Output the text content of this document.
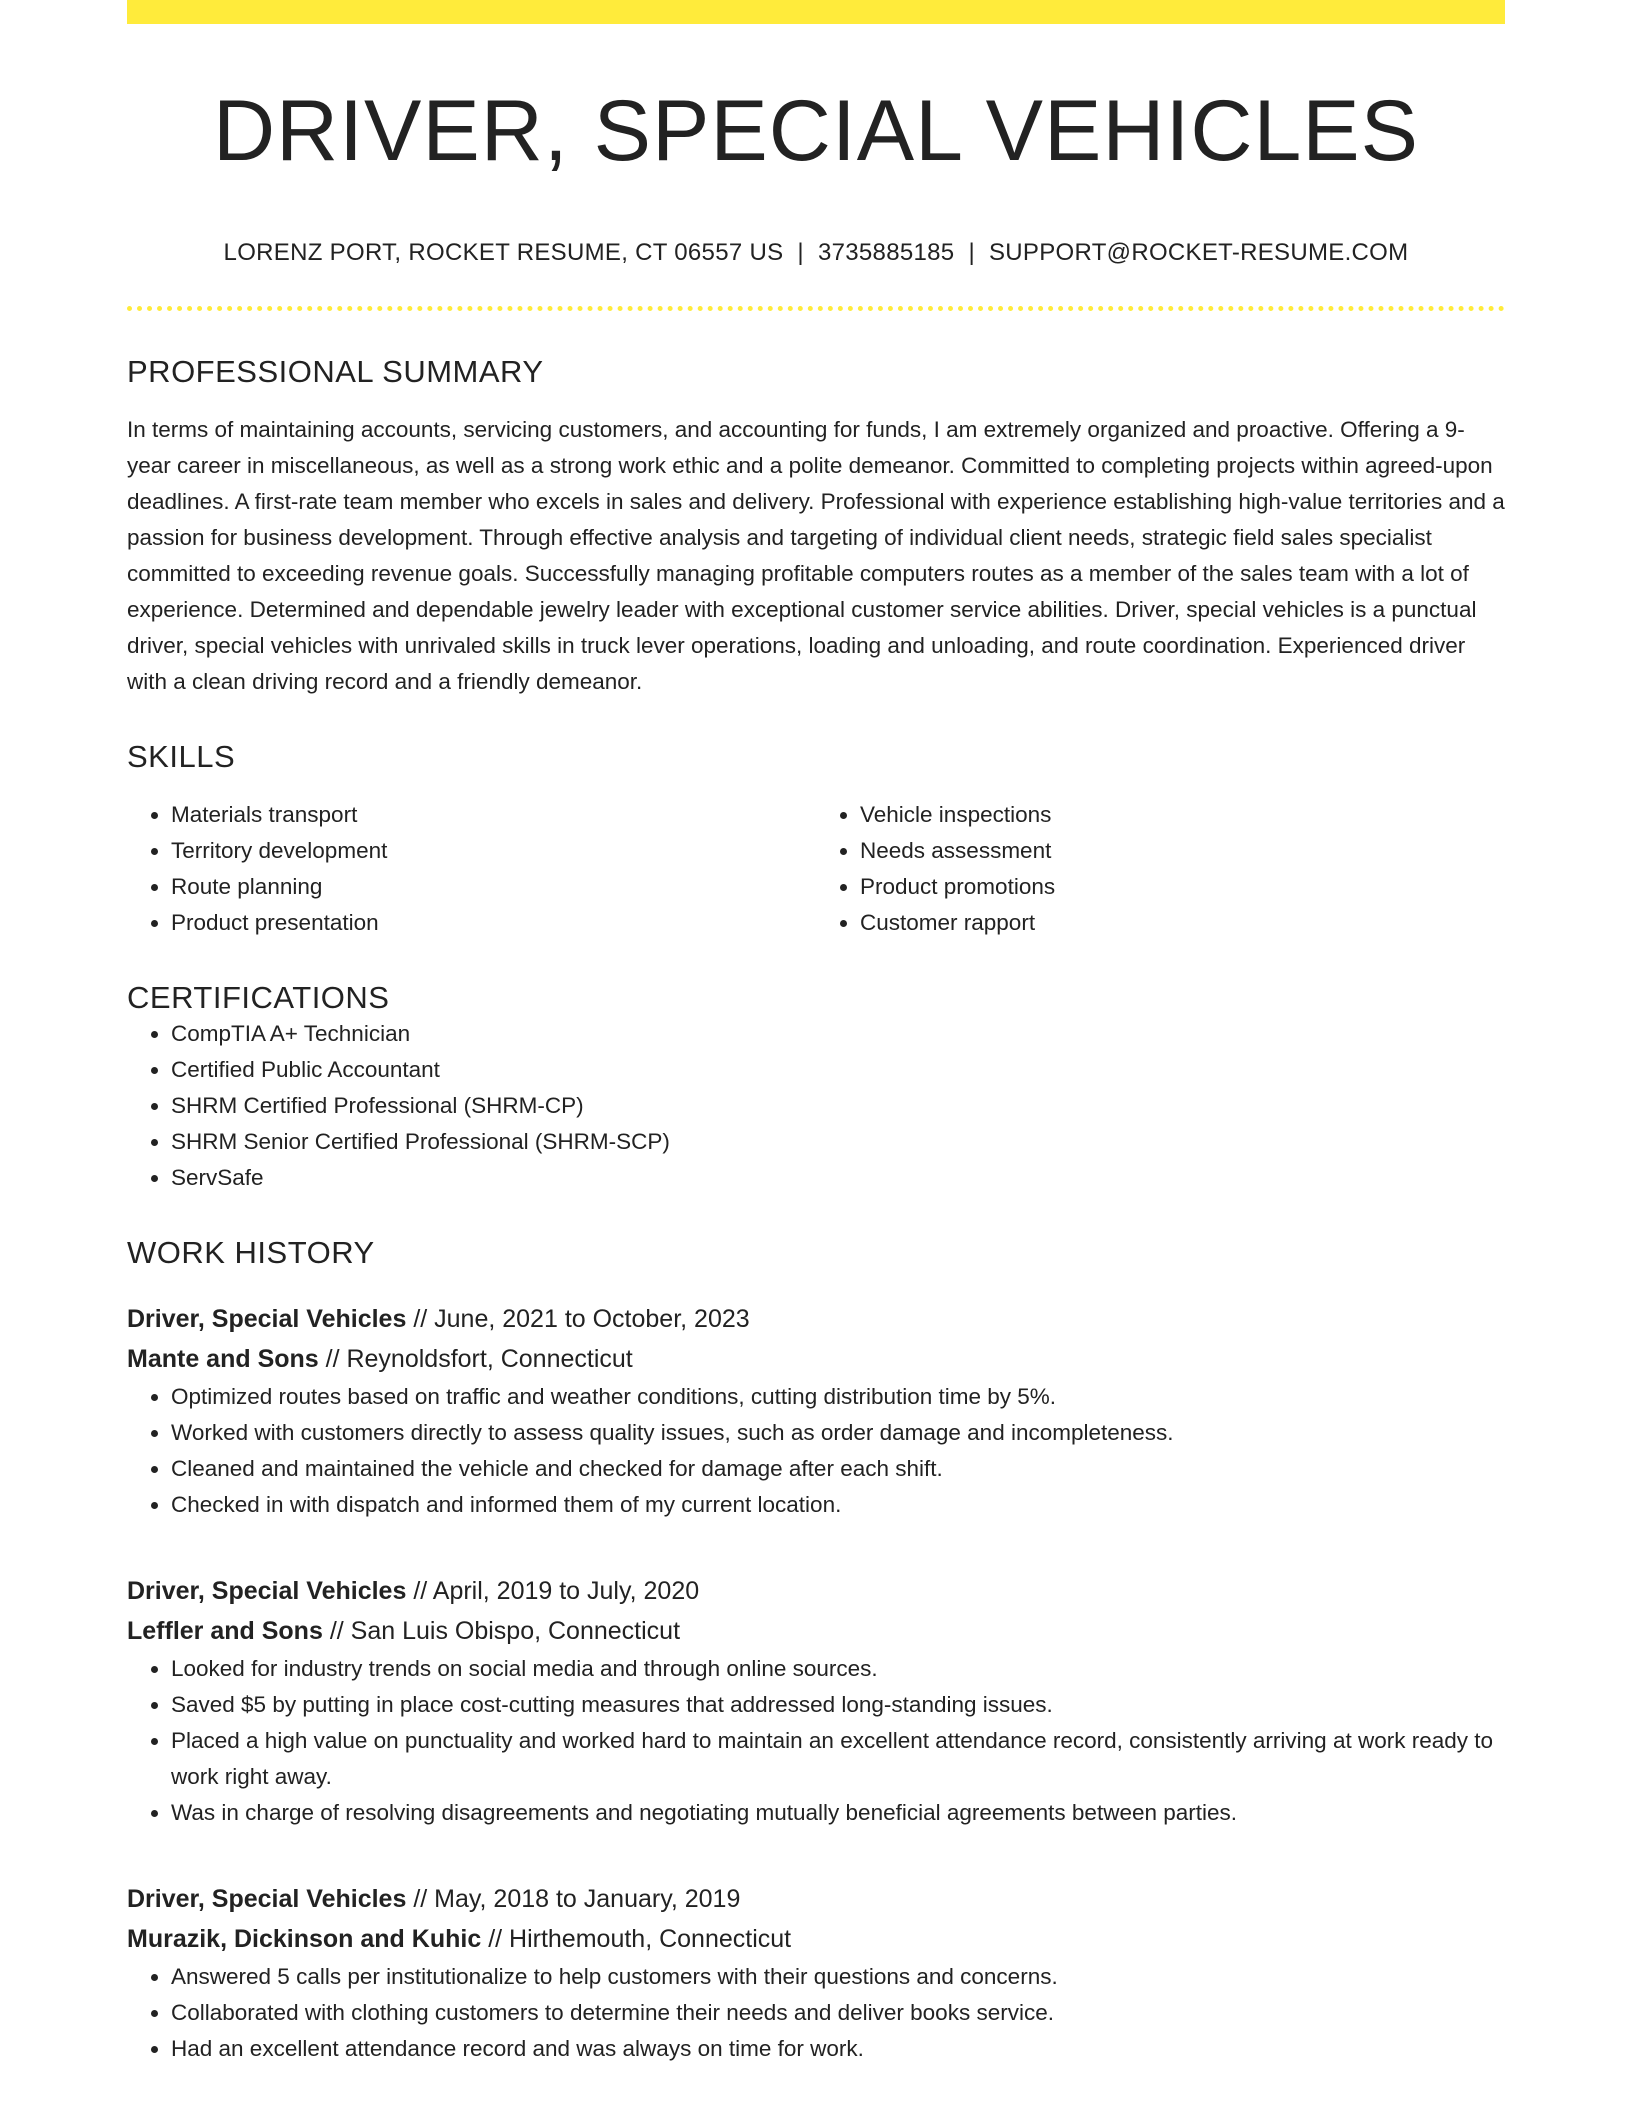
DRIVER, SPECIAL VEHICLES
LORENZ PORT, ROCKET RESUME, CT 06557 US | 3735885185 | SUPPORT@ROCKET-RESUME.COM
PROFESSIONAL SUMMARY
In terms of maintaining accounts, servicing customers, and accounting for funds, I am extremely organized and proactive. Offering a 9-year career in miscellaneous, as well as a strong work ethic and a polite demeanor. Committed to completing projects within agreed-upon deadlines. A first-rate team member who excels in sales and delivery. Professional with experience establishing high-value territories and a passion for business development. Through effective analysis and targeting of individual client needs, strategic field sales specialist committed to exceeding revenue goals. Successfully managing profitable computers routes as a member of the sales team with a lot of experience. Determined and dependable jewelry leader with exceptional customer service abilities. Driver, special vehicles is a punctual driver, special vehicles with unrivaled skills in truck lever operations, loading and unloading, and route coordination. Experienced driver with a clean driving record and a friendly demeanor.
SKILLS
• Materials transport
• Territory development
• Route planning
• Product presentation
• Vehicle inspections
• Needs assessment
• Product promotions
• Customer rapport
CERTIFICATIONS
• CompTIA A+ Technician
• Certified Public Accountant
• SHRM Certified Professional (SHRM-CP)
• SHRM Senior Certified Professional (SHRM-SCP)
• ServSafe
WORK HISTORY
Driver, Special Vehicles // June, 2021 to October, 2023
Mante and Sons // Reynoldsfort, Connecticut
• Optimized routes based on traffic and weather conditions, cutting distribution time by 5%.
• Worked with customers directly to assess quality issues, such as order damage and incompleteness.
• Cleaned and maintained the vehicle and checked for damage after each shift.
• Checked in with dispatch and informed them of my current location.
Driver, Special Vehicles // April, 2019 to July, 2020
Leffler and Sons // San Luis Obispo, Connecticut
• Looked for industry trends on social media and through online sources.
• Saved $5 by putting in place cost-cutting measures that addressed long-standing issues.
• Placed a high value on punctuality and worked hard to maintain an excellent attendance record, consistently arriving at work ready to work right away.
• Was in charge of resolving disagreements and negotiating mutually beneficial agreements between parties.
Driver, Special Vehicles // May, 2018 to January, 2019
Murazik, Dickinson and Kuhic // Hirthemouth, Connecticut
• Answered 5 calls per institutionalize to help customers with their questions and concerns.
• Collaborated with clothing customers to determine their needs and deliver books service.
• Had an excellent attendance record and was always on time for work.
